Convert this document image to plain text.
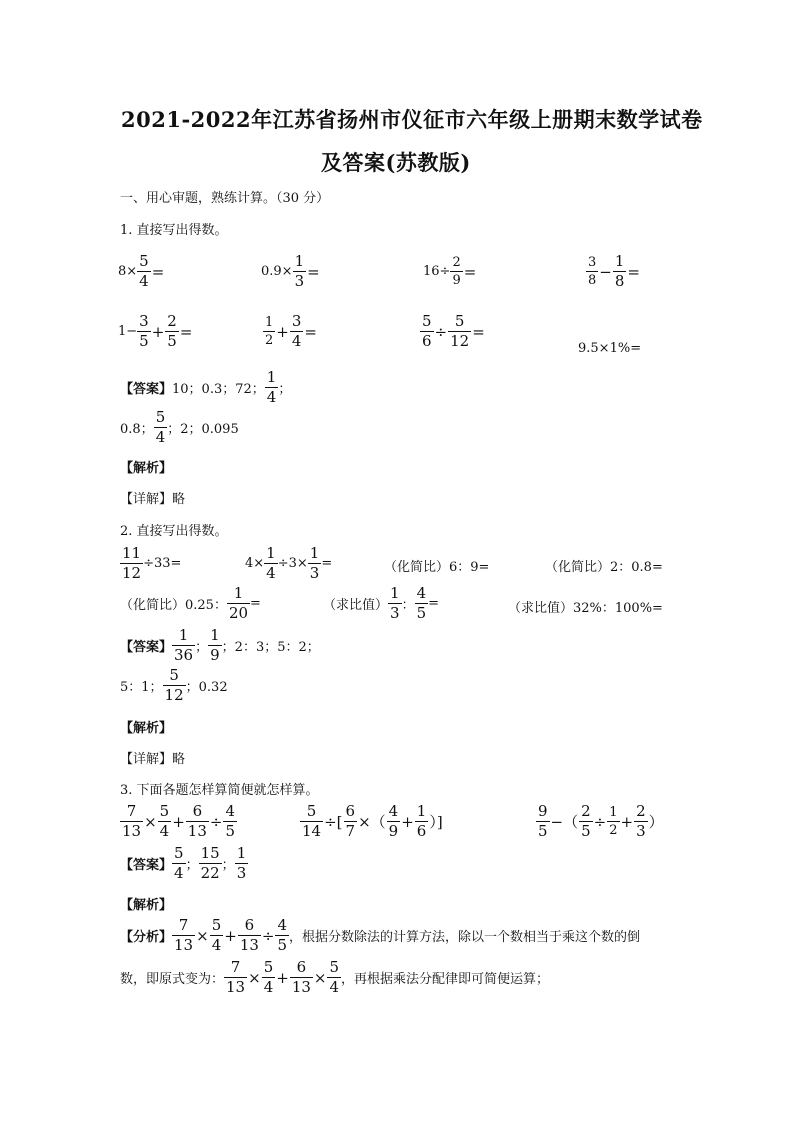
2021-2022年江苏省扬州市仪征市六年级上册期末数学试卷
及答案(苏教版)
一、用心审题，熟练计算。（30 分）
1. 直接写出得数。
$8\times \frac{5}{4}$ =	$0.9\times \frac{1}{3}$ =	$16\div \frac{2}{9}$ =	$\frac{3}{8} - \frac{1}{8}$ =
$1- \frac{3}{5} + \frac{2}{5}$ =	$\frac{1}{2} + \frac{3}{4}$ =	$\frac{5}{6} \div \frac{5}{12}$ =
9.5×1%=
【答案】 10；0.3；72； $\frac{1}{4}$ ；
0.8； $\frac{5}{4}$ ；2；0.095
【解析】
【详解】略
2. 直接写出得数。
$\frac{11}{12} \div 33=$	$4\times \frac{1}{4} \div 3\times \frac{1}{3}$ =	（化简比）6：9=	（化简比）2：0.8=
（化简比）0.25： $\frac{1}{20}$ =	（求比值） $\frac{1}{3}$ ： $\frac{4}{5}$ =	（求比值）32%：100%=
【答案】 $\frac{1}{36}$ ； $\frac{1}{9}$ ；2：3；5：2；
5：1； $\frac{5}{12}$ ；0.32
【解析】
【详解】略
3. 下面各题怎样算简便就怎样算。
$\frac{7}{13} \times \frac{5}{4} + \frac{6}{13} \div \frac{4}{5}$	$\frac{5}{14}$ ÷[ $\frac{6}{7}$ ×（ $\frac{4}{9} + \frac{1}{6}$ ）]	$\frac{9}{5}$ −（ $\frac{2}{5} \div \frac{1}{2} + \frac{2}{3}$ ）
【答案】 $\frac{5}{4}$ ； $\frac{15}{22}$ ； $\frac{1}{3}$
【解析】
【分析】 $\frac{7}{13} \times \frac{5}{4} + \frac{6}{13} \div \frac{4}{5}$ ，根据分数除法的计算方法，除以一个数相当于乘这个数的倒
数，即原式变为： $\frac{7}{13} \times \frac{5}{4} + \frac{6}{13} \times \frac{5}{4}$ ，再根据乘法分配律即可简便运算；
